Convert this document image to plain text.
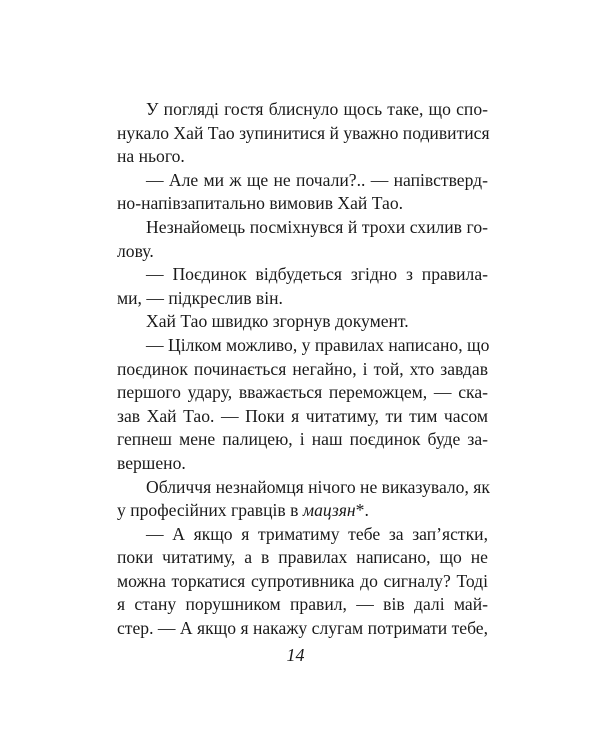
У погляді гостя блиснуло щось таке, що спо-
нукало Хай Тао зупинитися й уважно подивитися
на нього.
— Але ми ж ще не почали?.. — напівстверд-
но-напівзапитально вимовив Хай Тао.
Незнайомець посміхнувся й трохи схилив го-
лову.
— Поєдинок відбудеться згідно з правила-
ми, — підкреслив він.
Хай Тао швидко згорнув документ.
— Цілком можливо, у правилах написано, що
поєдинок починається негайно, і той, хто завдав
першого удару, вважається переможцем, — ска-
зав Хай Тао. — Поки я читатиму, ти тим часом
гепнеш мене палицею, і наш поєдинок буде за-
вершено.
Обличчя незнайомця нічого не виказувало, як
у професійних гравців в мацзян*.
— А якщо я триматиму тебе за зап’ястки,
поки читатиму, а в правилах написано, що не
можна торкатися супротивника до сигналу? Тоді
я стану порушником правил, — вів далі май-
стер. — А якщо я накажу слугам потримати тебе,
14
